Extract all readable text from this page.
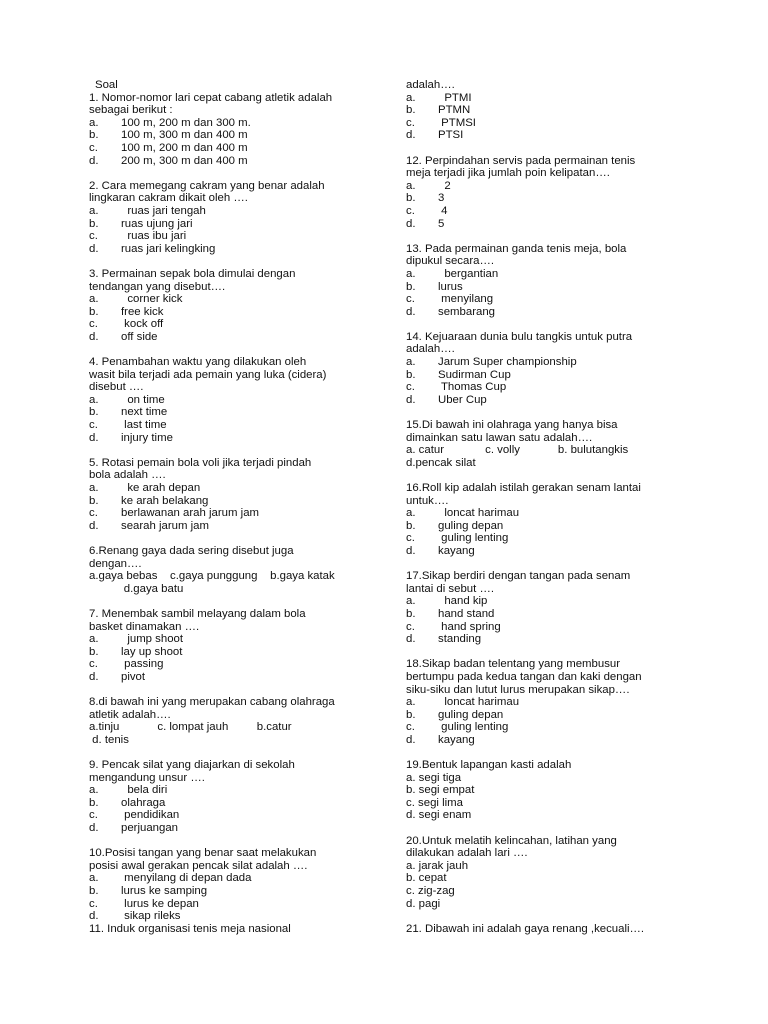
Soal
1. Nomor-nomor lari cepat cabang atletik adalah
sebagai berikut :
a.	100 m, 200 m dan 300 m.
b.	100 m, 300 m dan 400 m
c.	100 m, 200 m dan 400 m
d.	200 m, 300 m dan 400 m
2. Cara memegang cakram yang benar adalah
lingkaran cakram dikait oleh ….
a.	ruas jari tengah
b.	ruas ujung jari
c.	ruas ibu jari
d.	ruas jari kelingking
3. Permainan sepak bola dimulai dengan
tendangan yang disebut….
a.	corner kick
b.	free kick
c.	kock off
d.	off side
4. Penambahan waktu yang dilakukan oleh
wasit bila terjadi ada pemain yang luka (cidera)
disebut ….
a.	on time
b.	next time
c.	last time
d.	injury time
5. Rotasi pemain bola voli jika terjadi pindah
bola adalah ….
a.	ke arah depan
b.	ke arah belakang
c.	berlawanan arah jarum jam
d.	searah jarum jam
6.Renang gaya dada sering disebut juga
dengan….
a.gaya bebas    c.gaya punggung    b.gaya katak
d.gaya batu
7. Menembak sambil melayang dalam bola
basket dinamakan ….
a.	jump shoot
b.	lay up shoot
c.	passing
d.	pivot
8.di bawah ini yang merupakan cabang olahraga
atletik adalah….
a.tinju            c. lompat jauh         b.catur
d. tenis
9. Pencak silat yang diajarkan di sekolah
mengandung unsur ….
a.	bela diri
b.	olahraga
c.	pendidikan
d.	perjuangan
10.Posisi tangan yang benar saat melakukan
posisi awal gerakan pencak silat adalah ….
a.	menyilang di depan dada
b.	lurus ke samping
c.	lurus ke depan
d.	sikap rileks
11. Induk organisasi tenis meja nasional
adalah….
a.	PTMI
b.	PTMN
c.	PTMSI
d.	PTSI
12. Perpindahan servis pada permainan tenis
meja terjadi jika jumlah poin kelipatan….
a.	2
b.	3
c.	4
d.	5
13. Pada permainan ganda tenis meja, bola
dipukul secara….
a.	bergantian
b.	lurus
c.	menyilang
d.	sembarang
14. Kejuaraan dunia bulu tangkis untuk putra
adalah….
a.	Jarum Super championship
b.	Sudirman Cup
c.	Thomas Cup
d.	Uber Cup
15.Di bawah ini olahraga yang hanya bisa
dimainkan satu lawan satu adalah….
a. catur             c. volly            b. bulutangkis
d.pencak silat
16.Roll kip adalah istilah gerakan senam lantai
untuk….
a.	loncat harimau
b.	guling depan
c.	guling lenting
d.	kayang
17.Sikap berdiri dengan tangan pada senam
lantai di sebut ….
a.	hand kip
b.	hand stand
c.	hand spring
d.	standing
18.Sikap badan telentang yang membusur
bertumpu pada kedua tangan dan kaki dengan
siku-siku dan lutut lurus merupakan sikap….
a.	loncat harimau
b.	guling depan
c.	guling lenting
d.	kayang
19.Bentuk lapangan kasti adalah
a. segi tiga
b. segi empat
c. segi lima
d. segi enam
20.Untuk melatih kelincahan, latihan yang
dilakukan adalah lari ….
a. jarak jauh
b. cepat
c. zig-zag
d. pagi
21. Dibawah ini adalah gaya renang ,kecuali….
